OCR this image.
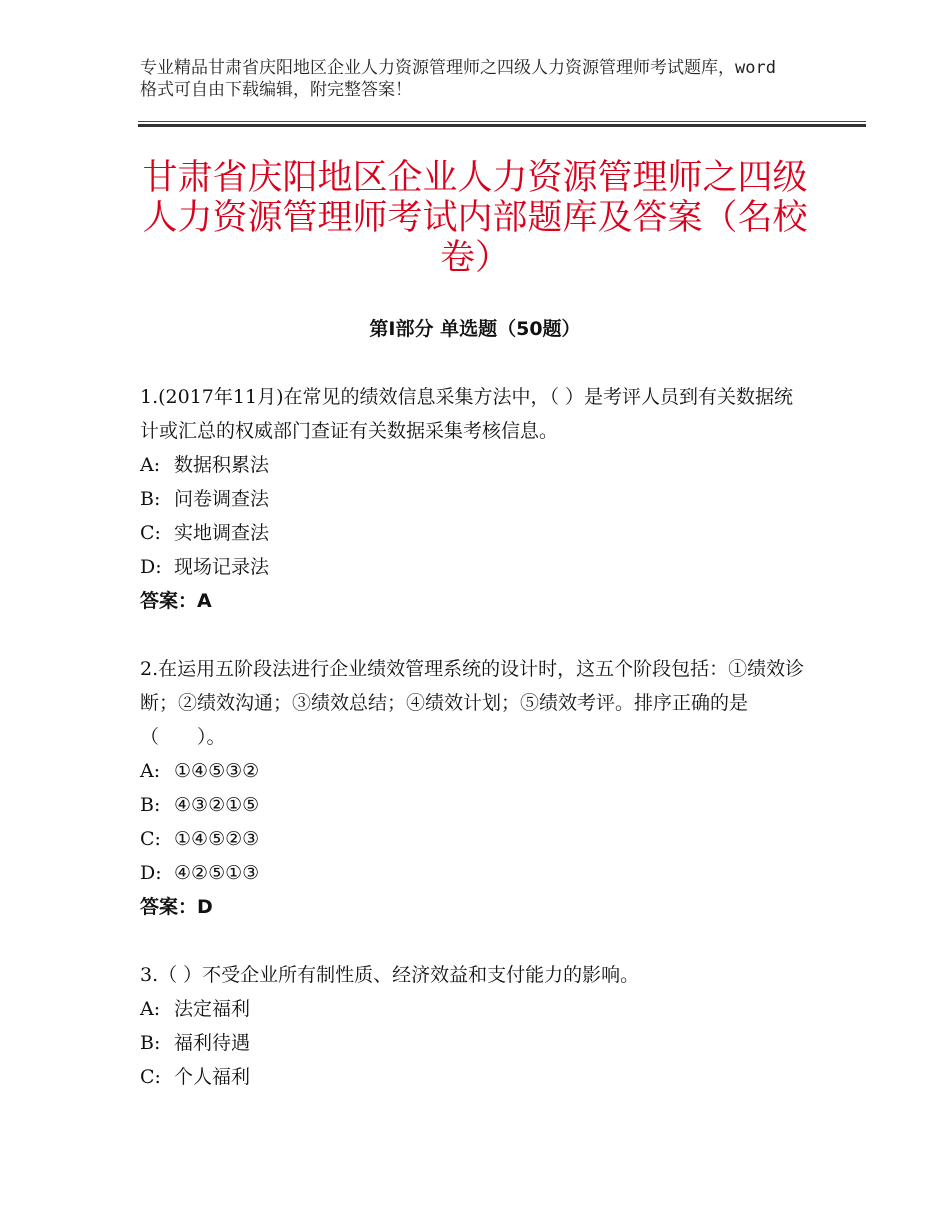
专业精品甘肃省庆阳地区企业人力资源管理师之四级人力资源管理师考试题库，word格式可自由下载编辑，附完整答案！
甘肃省庆阳地区企业人力资源管理师之四级人力资源管理师考试内部题库及答案（名校卷）
第Ⅰ部分 单选题（50题）

1.(2017年11月)在常见的绩效信息采集方法中，（ ）是考评人员到有关数据统计或汇总的权威部门查证有关数据采集考核信息。

A: 数据积累法

B: 问卷调查法

C: 实地调查法

D: 现场记录法

答案：A

2.在运用五阶段法进行企业绩效管理系统的设计时，这五个阶段包括：①绩效诊断；②绩效沟通；③绩效总结；④绩效计划；⑤绩效考评。排序正确的是（　　）。

A: ①④⑤③②

B: ④③②①⑤

C: ①④⑤②③

D: ④②⑤①③

答案：D

3.（ ）不受企业所有制性质、经济效益和支付能力的影响。

A: 法定福利

B: 福利待遇

C: 个人福利
